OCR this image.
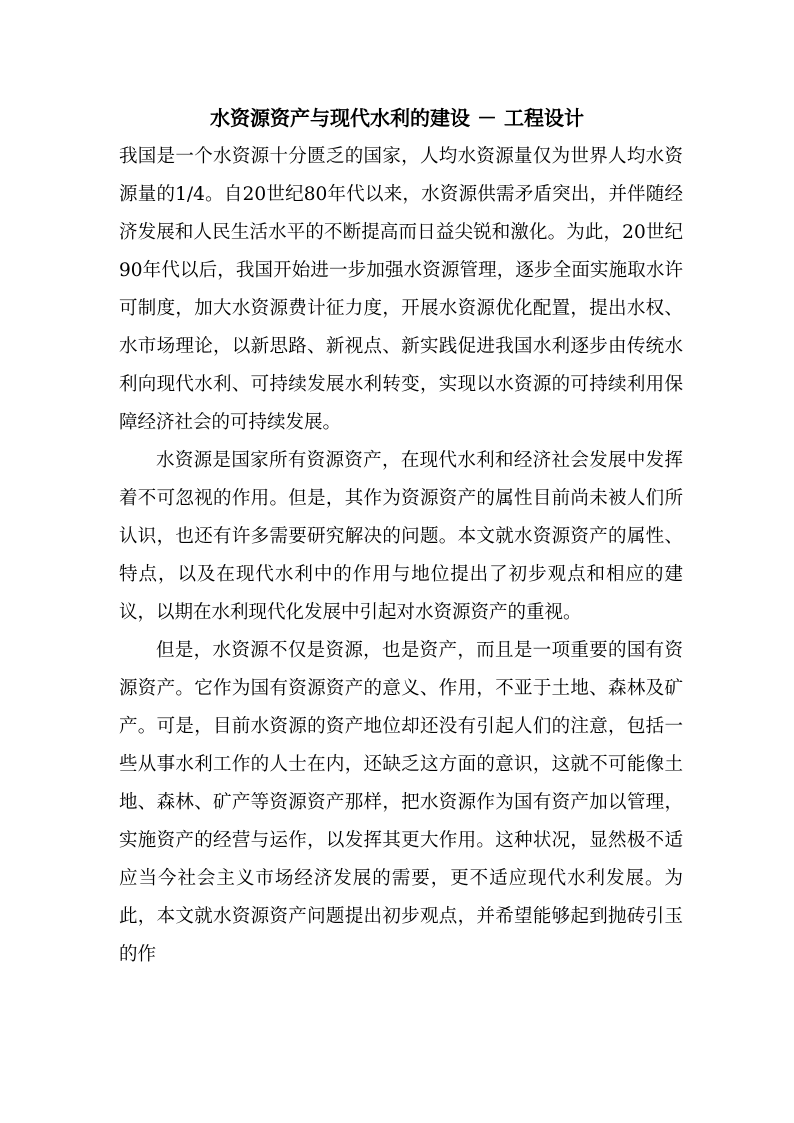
水资源资产与现代水利的建设 － 工程设计

我国是一个水资源十分匮乏的国家，人均水资源量仅为世界人均水资源量的1/4。自20世纪80年代以来，水资源供需矛盾突出，并伴随经济发展和人民生活水平的不断提高而日益尖锐和激化。为此，20世纪90年代以后，我国开始进一步加强水资源管理，逐步全面实施取水许可制度，加大水资源费计征力度，开展水资源优化配置，提出水权、水市场理论，以新思路、新视点、新实践促进我国水利逐步由传统水利向现代水利、可持续发展水利转变，实现以水资源的可持续利用保障经济社会的可持续发展。

水资源是国家所有资源资产，在现代水利和经济社会发展中发挥着不可忽视的作用。但是，其作为资源资产的属性目前尚未被人们所认识，也还有许多需要研究解决的问题。本文就水资源资产的属性、特点，以及在现代水利中的作用与地位提出了初步观点和相应的建议，以期在水利现代化发展中引起对水资源资产的重视。

但是，水资源不仅是资源，也是资产，而且是一项重要的国有资源资产。它作为国有资源资产的意义、作用，不亚于土地、森林及矿产。可是，目前水资源的资产地位却还没有引起人们的注意，包括一些从事水利工作的人士在内，还缺乏这方面的意识，这就不可能像土地、森林、矿产等资源资产那样，把水资源作为国有资产加以管理，实施资产的经营与运作，以发挥其更大作用。这种状况，显然极不适应当今社会主义市场经济发展的需要，更不适应现代水利发展。为此，本文就水资源资产问题提出初步观点，并希望能够起到抛砖引玉的作
